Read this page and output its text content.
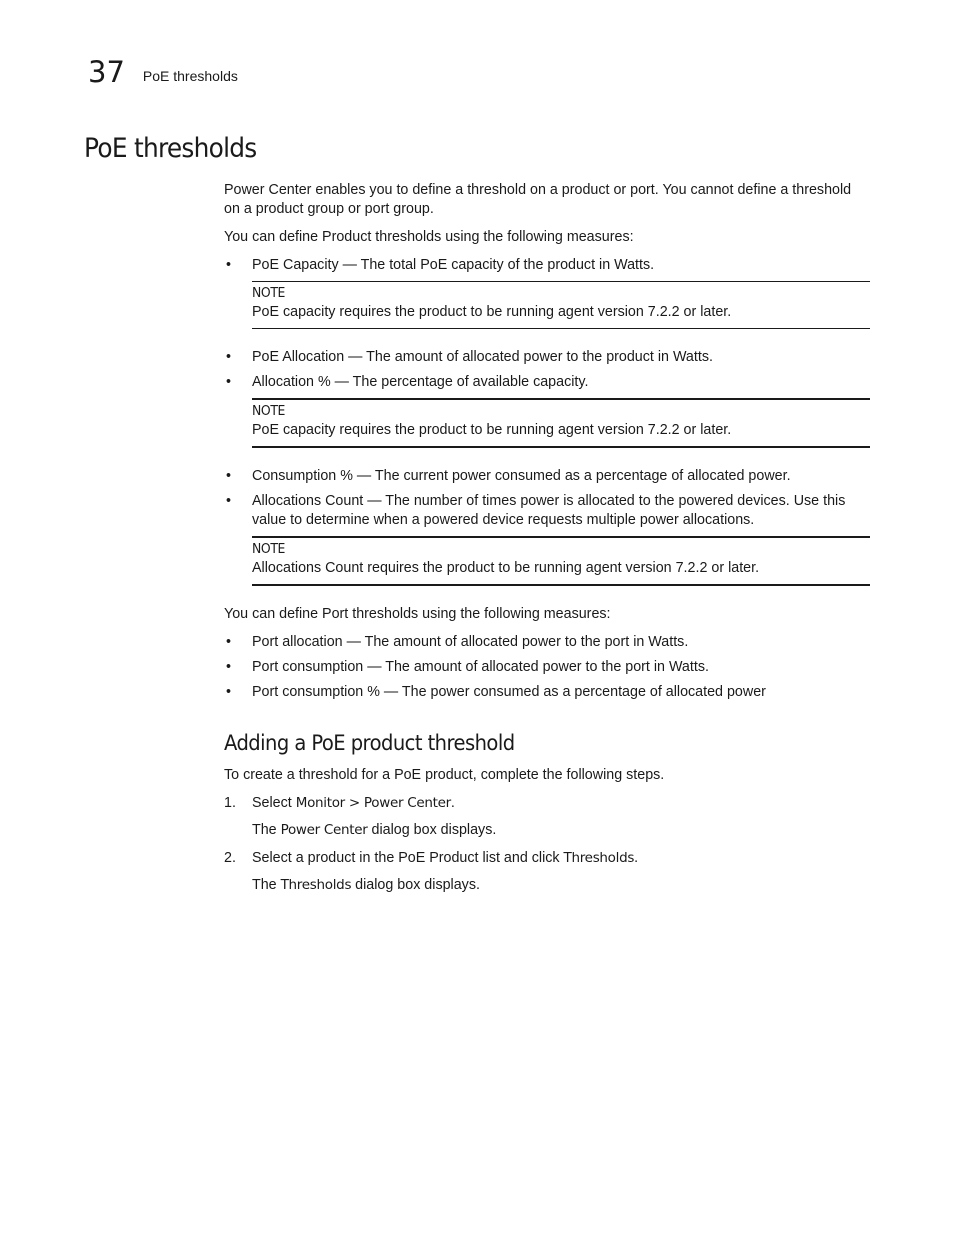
37 PoE thresholds
PoE thresholds

Power Center enables you to define a threshold on a product or port. You cannot define a threshold on a product group or port group.

You can define Product thresholds using the following measures:

• PoE Capacity — The total PoE capacity of the product in Watts.
NOTE
PoE capacity requires the product to be running agent version 7.2.2 or later.
• PoE Allocation — The amount of allocated power to the product in Watts.
• Allocation % — The percentage of available capacity.
NOTE
PoE capacity requires the product to be running agent version 7.2.2 or later.
• Consumption % — The current power consumed as a percentage of allocated power.
• Allocations Count — The number of times power is allocated to the powered devices. Use this value to determine when a powered device requests multiple power allocations.
NOTE
Allocations Count requires the product to be running agent version 7.2.2 or later.

You can define Port thresholds using the following measures:

• Port allocation — The amount of allocated power to the port in Watts.
• Port consumption — The amount of allocated power to the port in Watts.
• Port consumption % — The power consumed as a percentage of allocated power
Adding a PoE product threshold

To create a threshold for a PoE product, complete the following steps.

1. Select Monitor > Power Center.
The Power Center dialog box displays.
2. Select a product in the PoE Product list and click Thresholds.
The Thresholds dialog box displays.
